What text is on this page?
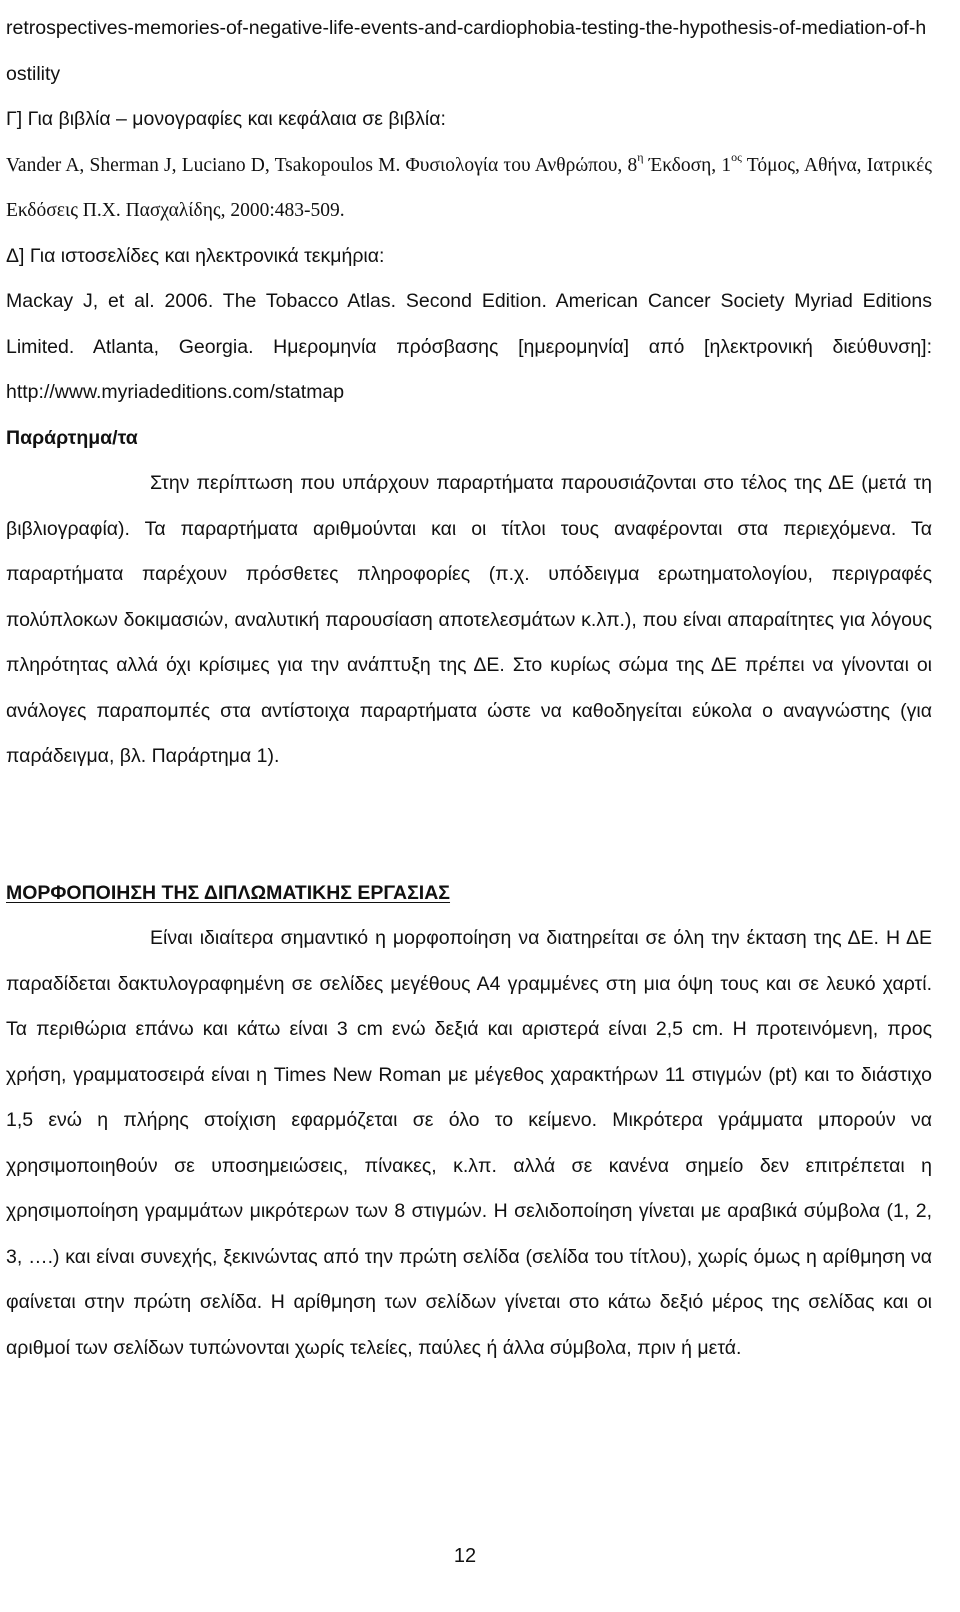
retrospectives-memories-of-negative-life-events-and-cardiophobia-testing-the-hypothesis-of-mediation-of-hostility

Γ] Για βιβλία – μονογραφίες και κεφάλαια σε βιβλία:

Vander A, Sherman J, Luciano D, Tsakopoulos M. Φυσιολογία του Ανθρώπου, $8^\eta$ Έκδοση, $1^{o\varsigma}$ Τόμος, Αθήνα, Ιατρικές Εκδόσεις Π.Χ. Πασχαλίδης, 2000:483-509.

Δ] Για ιστοσελίδες και ηλεκτρονικά τεκμήρια:

Mackay J, et al. 2006. The Tobacco Atlas. Second Edition. American Cancer Society Myriad Editions Limited. Atlanta, Georgia. Ημερομηνία πρόσβασης [ημερομηνία] από [ηλεκτρονική διεύθυνση]: http://www.myriadeditions.com/statmap

Παράρτημα/τα

Στην περίπτωση που υπάρχουν παραρτήματα παρουσιάζονται στο τέλος της ΔΕ (μετά τη βιβλιογραφία). Τα παραρτήματα αριθμούνται και οι τίτλοι τους αναφέρονται στα περιεχόμενα. Τα παραρτήματα παρέχουν πρόσθετες πληροφορίες (π.χ. υπόδειγμα ερωτηματολογίου, περιγραφές πολύπλοκων δοκιμασιών, αναλυτική παρουσίαση αποτελεσμάτων κ.λπ.), που είναι απαραίτητες για λόγους πληρότητας αλλά όχι κρίσιμες για την ανάπτυξη της ΔΕ. Στο κυρίως σώμα της ΔΕ πρέπει να γίνονται οι ανάλογες παραπομπές στα αντίστοιχα παραρτήματα ώστε να καθοδηγείται εύκολα ο αναγνώστης (για παράδειγμα, βλ. Παράρτημα 1).

ΜΟΡΦΟΠΟΙΗΣΗ ΤΗΣ ΔΙΠΛΩΜΑΤΙΚΗΣ ΕΡΓΑΣΙΑΣ

Είναι ιδιαίτερα σημαντικό η μορφοποίηση να διατηρείται σε όλη την έκταση της ΔΕ. Η ΔΕ παραδίδεται δακτυλογραφημένη σε σελίδες μεγέθους Α4 γραμμένες στη μια όψη τους και σε λευκό χαρτί. Τα περιθώρια επάνω και κάτω είναι 3 cm ενώ δεξιά και αριστερά είναι 2,5 cm. Η προτεινόμενη, προς χρήση, γραμματοσειρά είναι η Times New Roman με μέγεθος χαρακτήρων 11 στιγμών (pt) και το διάστιχο 1,5 ενώ η πλήρης στοίχιση εφαρμόζεται σε όλο το κείμενο. Μικρότερα γράμματα μπορούν να χρησιμοποιηθούν σε υποσημειώσεις, πίνακες, κ.λπ. αλλά σε κανένα σημείο δεν επιτρέπεται η χρησιμοποίηση γραμμάτων μικρότερων των 8 στιγμών. Η σελιδοποίηση γίνεται με αραβικά σύμβολα (1, 2, 3, ….) και είναι συνεχής, ξεκινώντας από την πρώτη σελίδα (σελίδα του τίτλου), χωρίς όμως η αρίθμηση να φαίνεται στην πρώτη σελίδα. Η αρίθμηση των σελίδων γίνεται στο κάτω δεξιό μέρος της σελίδας και οι αριθμοί των σελίδων τυπώνονται χωρίς τελείες, παύλες ή άλλα σύμβολα, πριν ή μετά.

12
